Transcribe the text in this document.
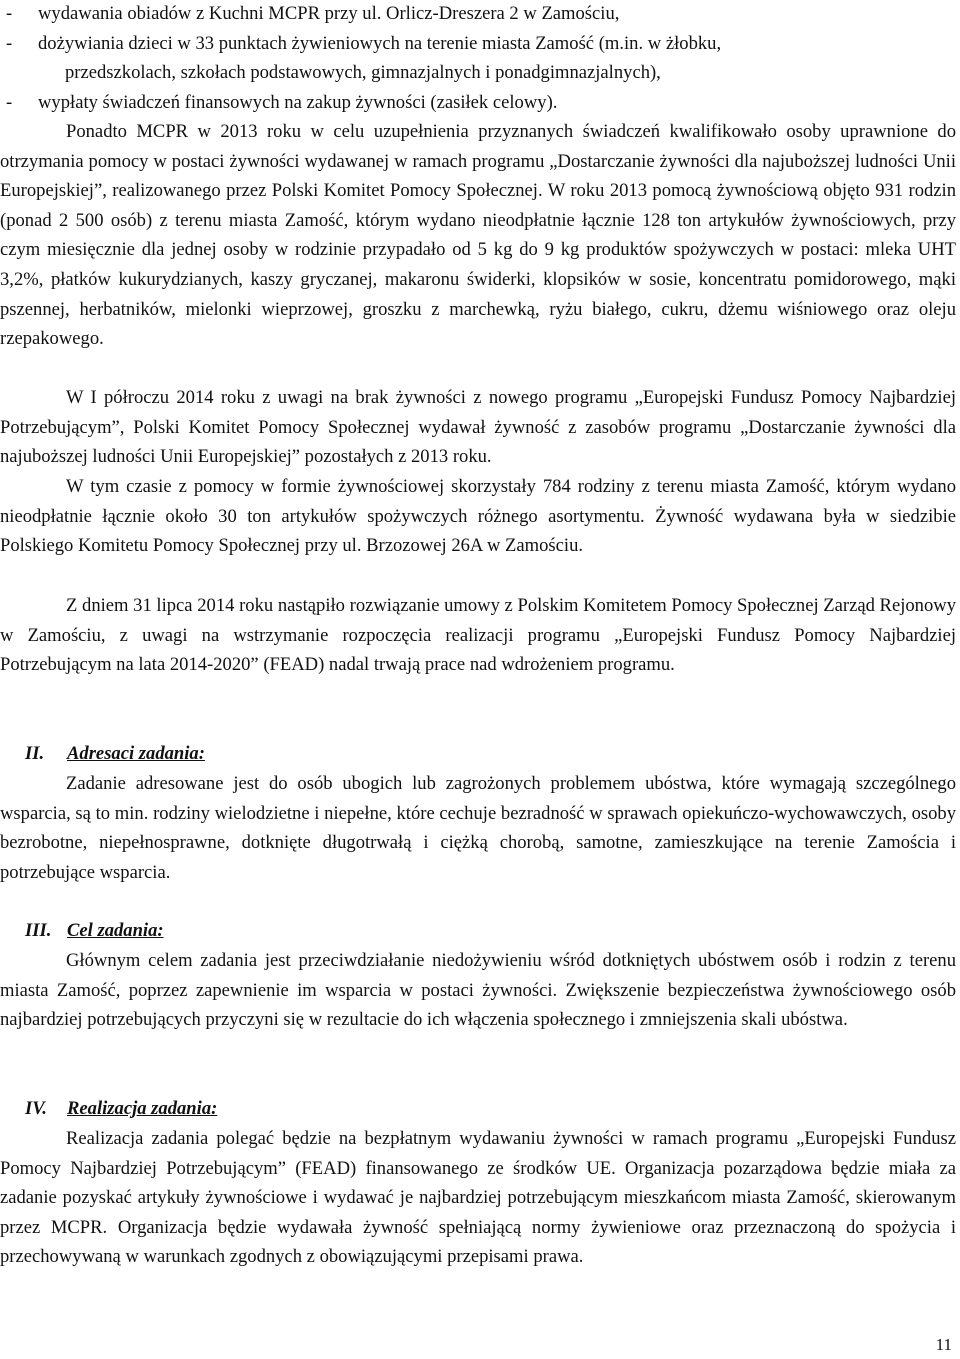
-	wydawania obiadów z Kuchni MCPR przy ul. Orlicz-Dreszera 2 w Zamościu,
-	dożywiania dzieci w 33 punktach żywieniowych na terenie miasta Zamość (m.in. w żłobku,
przedszkolach, szkołach podstawowych, gimnazjalnych i ponadgimnazjalnych),
-	wypłaty świadczeń finansowych na zakup żywności (zasiłek celowy).

Ponadto MCPR w 2013 roku w celu uzupełnienia przyznanych świadczeń kwalifikowało osoby uprawnione do otrzymania pomocy w postaci żywności wydawanej w ramach programu „Dostarczanie żywności dla najuboższej ludności Unii Europejskiej”, realizowanego przez Polski Komitet Pomocy Społecznej. W roku 2013 pomocą żywnościową objęto 931 rodzin (ponad 2 500 osób) z terenu miasta Zamość, którym wydano nieodpłatnie łącznie 128 ton artykułów żywnościowych, przy czym miesięcznie dla jednej osoby w rodzinie przypadało od 5 kg do 9 kg produktów spożywczych w postaci: mleka UHT 3,2%, płatków kukurydzianych, kaszy gryczanej, makaronu świderki, klopsików w sosie, koncentratu pomidorowego, mąki pszennej, herbatników, mielonki wieprzowej, groszku z marchewką, ryżu białego, cukru, dżemu wiśniowego oraz oleju rzepakowego.

W I półroczu 2014 roku z uwagi na brak żywności z nowego programu „Europejski Fundusz Pomocy Najbardziej Potrzebującym”, Polski Komitet Pomocy Społecznej wydawał żywność z zasobów programu „Dostarczanie żywności dla najuboższej ludności Unii Europejskiej” pozostałych z 2013 roku.

W tym czasie z pomocy w formie żywnościowej skorzystały 784 rodziny z terenu miasta Zamość, którym wydano nieodpłatnie łącznie około 30 ton artykułów spożywczych różnego asortymentu. Żywność wydawana była w siedzibie Polskiego Komitetu Pomocy Społecznej przy ul. Brzozowej 26A w Zamościu.

Z dniem 31 lipca 2014 roku nastąpiło rozwiązanie umowy z Polskim Komitetem Pomocy Społecznej Zarząd Rejonowy w Zamościu, z uwagi na wstrzymanie rozpoczęcia realizacji programu „Europejski Fundusz Pomocy Najbardziej Potrzebującym na lata 2014-2020” (FEAD) nadal trwają prace nad wdrożeniem programu.

II. Adresaci zadania:

Zadanie adresowane jest do osób ubogich lub zagrożonych problemem ubóstwa, które wymagają szczególnego wsparcia, są to min. rodziny wielodzietne i niepełne, które cechuje bezradność w sprawach opiekuńczo-wychowawczych, osoby bezrobotne, niepełnosprawne, dotknięte długotrwałą i ciężką chorobą, samotne, zamieszkujące na terenie Zamościa i potrzebujące wsparcia.

III. Cel zadania:

Głównym celem zadania jest przeciwdziałanie niedożywieniu wśród dotkniętych ubóstwem osób i rodzin z terenu miasta Zamość, poprzez zapewnienie im wsparcia w postaci żywności. Zwiększenie bezpieczeństwa żywnościowego osób najbardziej potrzebujących przyczyni się w rezultacie do ich włączenia społecznego i zmniejszenia skali ubóstwa.

IV. Realizacja zadania:

Realizacja zadania polegać będzie na bezpłatnym wydawaniu żywności w ramach programu „Europejski Fundusz Pomocy Najbardziej Potrzebującym” (FEAD) finansowanego ze środków UE. Organizacja pozarządowa będzie miała za zadanie pozyskać artykuły żywnościowe i wydawać je najbardziej potrzebującym mieszkańcom miasta Zamość, skierowanym przez MCPR. Organizacja będzie wydawała żywność spełniającą normy żywieniowe oraz przeznaczoną do spożycia i przechowywaną w warunkach zgodnych z obowiązującymi przepisami prawa.

11
